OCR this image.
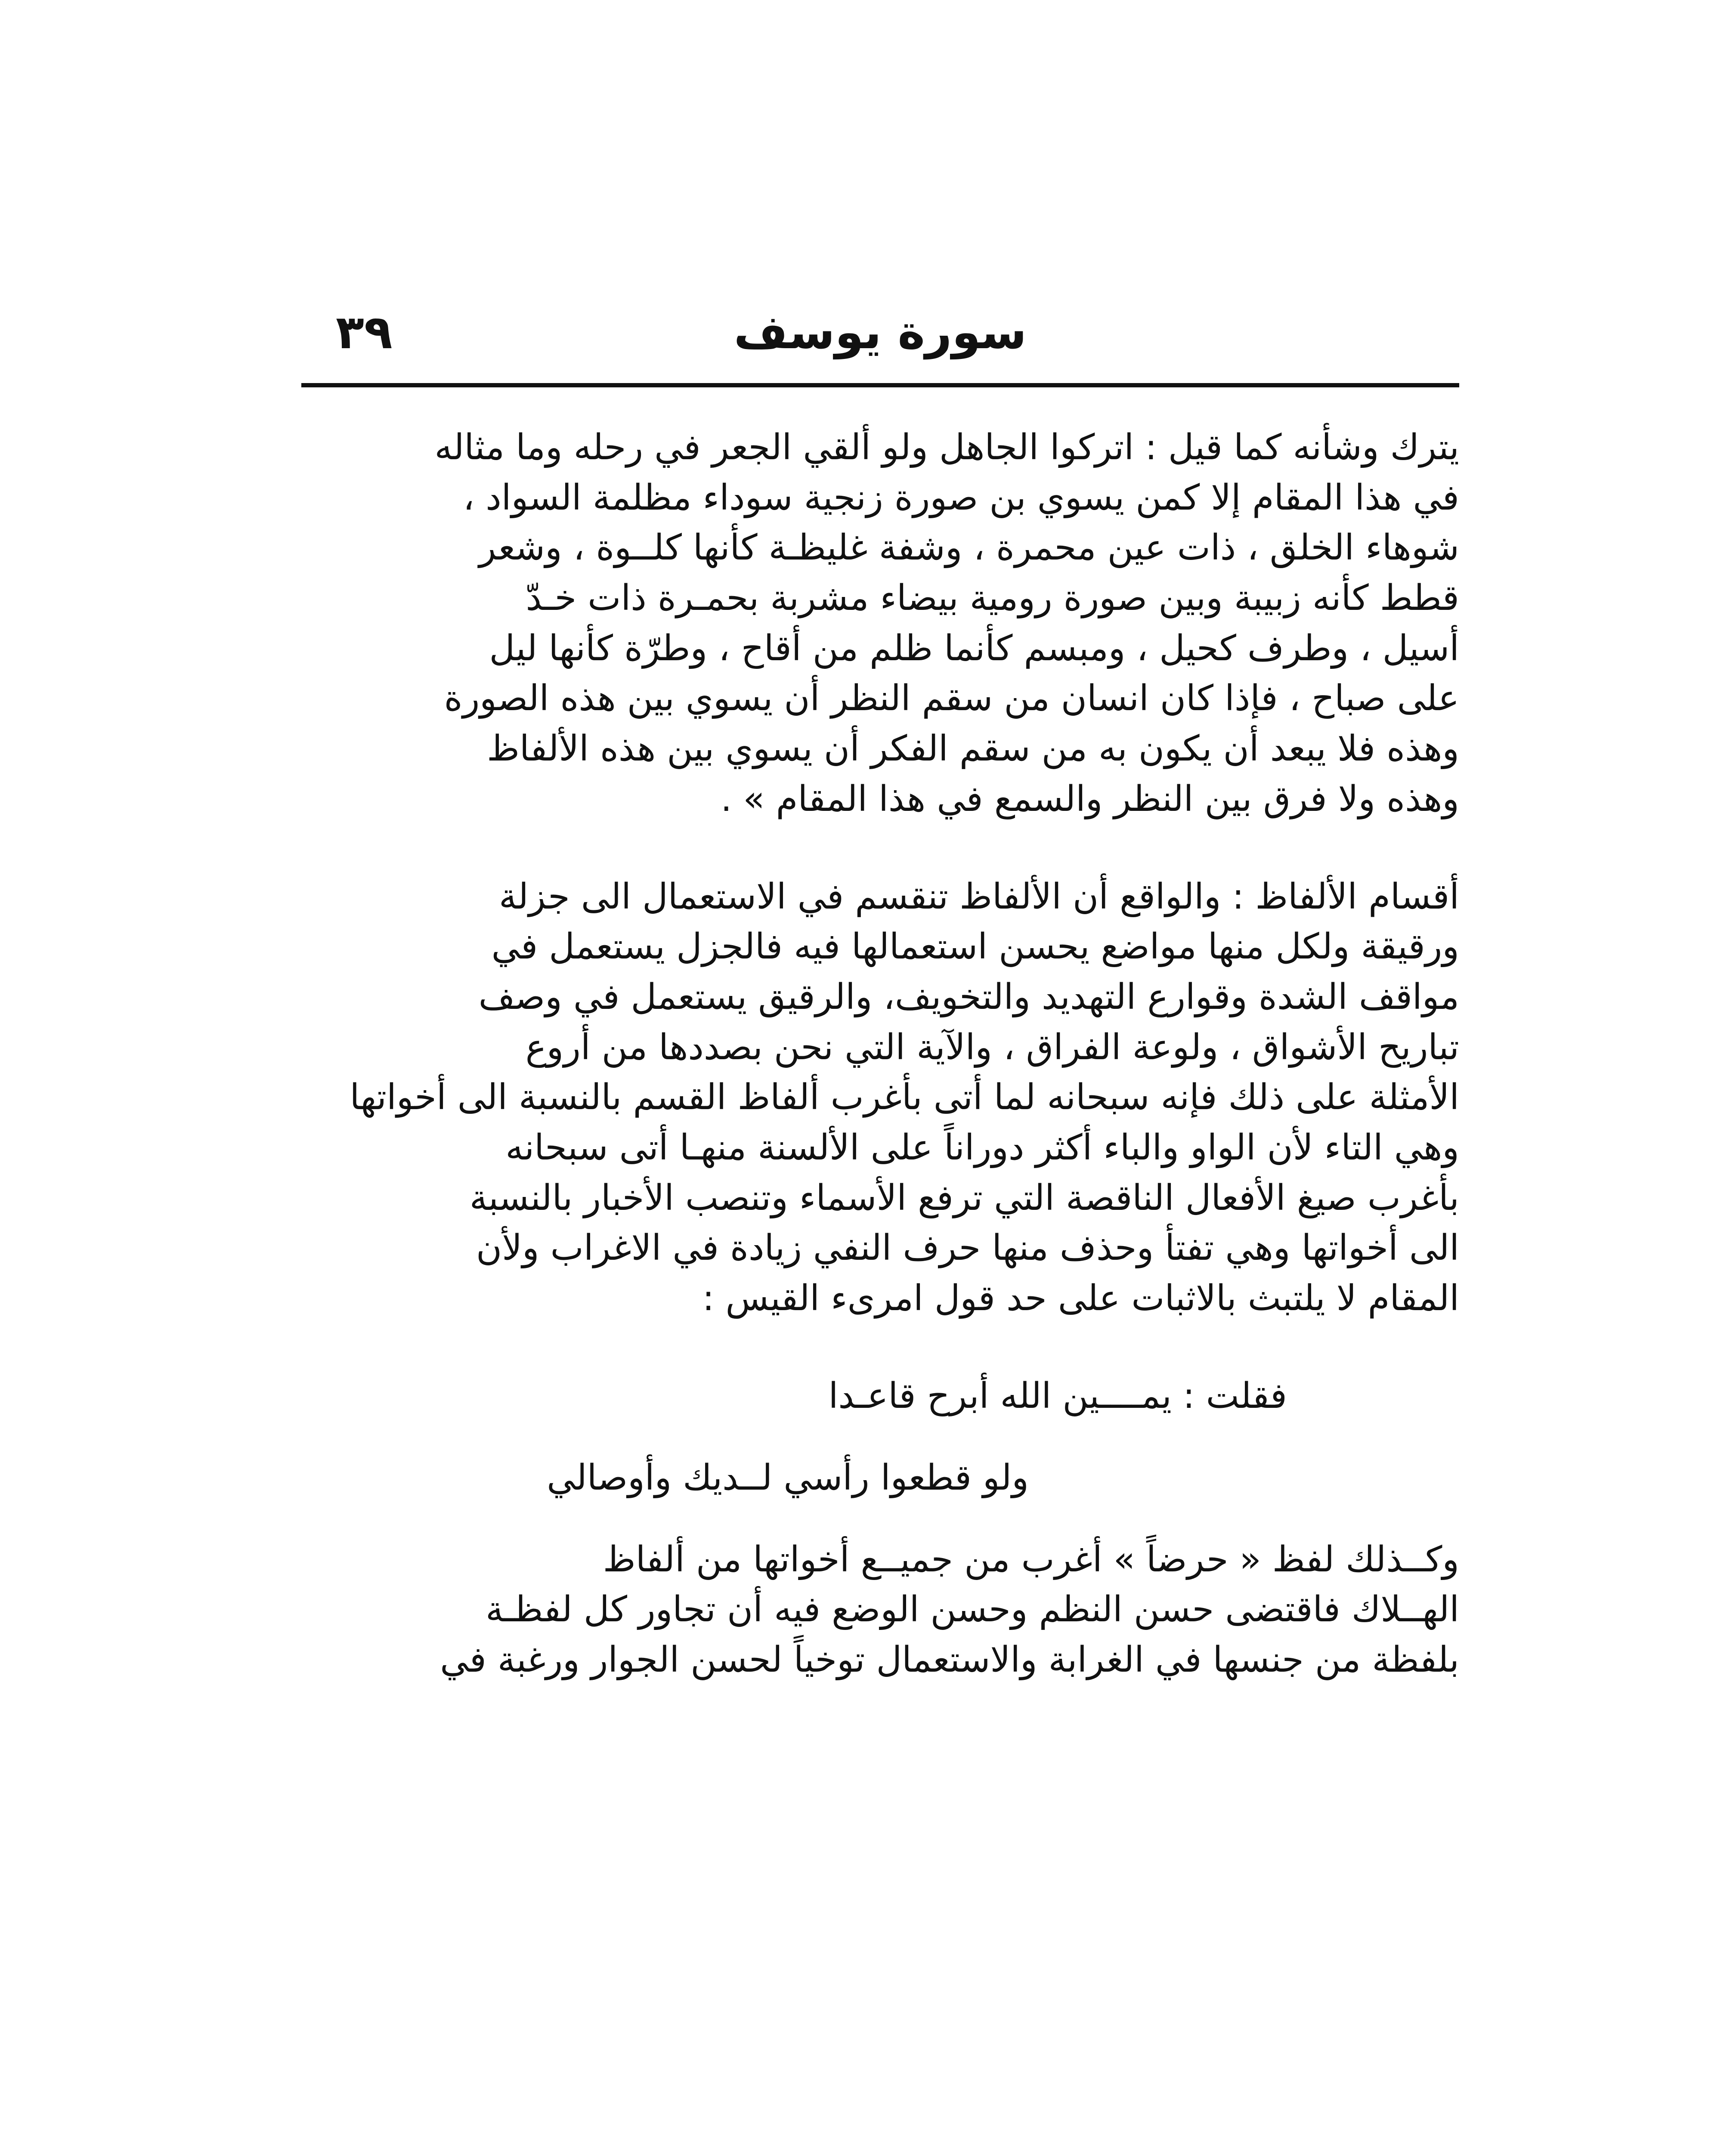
٣٩	سورة يوسف
يترك وشأنه كما قيل : اتركوا الجاهل ولو ألقي الجعر في رحله وما مثاله
في هذا المقام إلا كمن يسوي بن صورة زنجية سوداء مظلمة السواد ،
شوهاء الخلق ، ذات عين محمرة ، وشفة غليظـة كأنها كلــوة ، وشعر
قطط كأنه زبيبة وبين صورة رومية بيضاء مشربة بحمـرة ذات خـدّ
أسيل ، وطرف كحيل ، ومبسم كأنما ظلم من أقاح ، وطرّة كأنها ليل
على صباح ، فإذا كان انسان من سقم النظر أن يسوي بين هذه الصورة
وهذه فلا يبعد أن يكون به من سقم الفكر أن يسوي بين هذه الألفاظ
وهذه ولا فرق بين النظر والسمع في هذا المقام » .
أقسام الألفاظ : والواقع أن الألفاظ تنقسم في الاستعمال الى جزلة
ورقيقة ولكل منها مواضع يحسن استعمالها فيه فالجزل يستعمل في
مواقف الشدة وقوارع التهديد والتخويف، والرقيق يستعمل في وصف
تباريح الأشواق ، ولوعة الفراق ، والآية التي نحن بصددها من أروع
الأمثلة على ذلك فإنه سبحانه لما أتى بأغرب ألفاظ القسم بالنسبة الى أخواتها
وهي التاء لأن الواو والباء أكثر دوراناً على الألسنة منهـا أتى سبحانه
بأغرب صيغ الأفعال الناقصة التي ترفع الأسماء وتنصب الأخبار بالنسبة
الى أخواتها وهي تفتأ وحذف منها حرف النفي زيادة في الاغراب ولأن
المقام لا يلتبث بالاثبات على حد قول امرىء القيس :
فقلت : يمــــين الله أبرح قاعـدا
ولو قطعوا رأسي لــديك وأوصالي
وكــذلك لفظ « حرضاً » أغرب من جميــع أخواتها من ألفاظ
الهــلاك فاقتضى حسن النظم وحسن الوضع فيه أن تجاور كل لفظـة
بلفظة من جنسها في الغرابة والاستعمال توخياً لحسن الجوار ورغبة في
